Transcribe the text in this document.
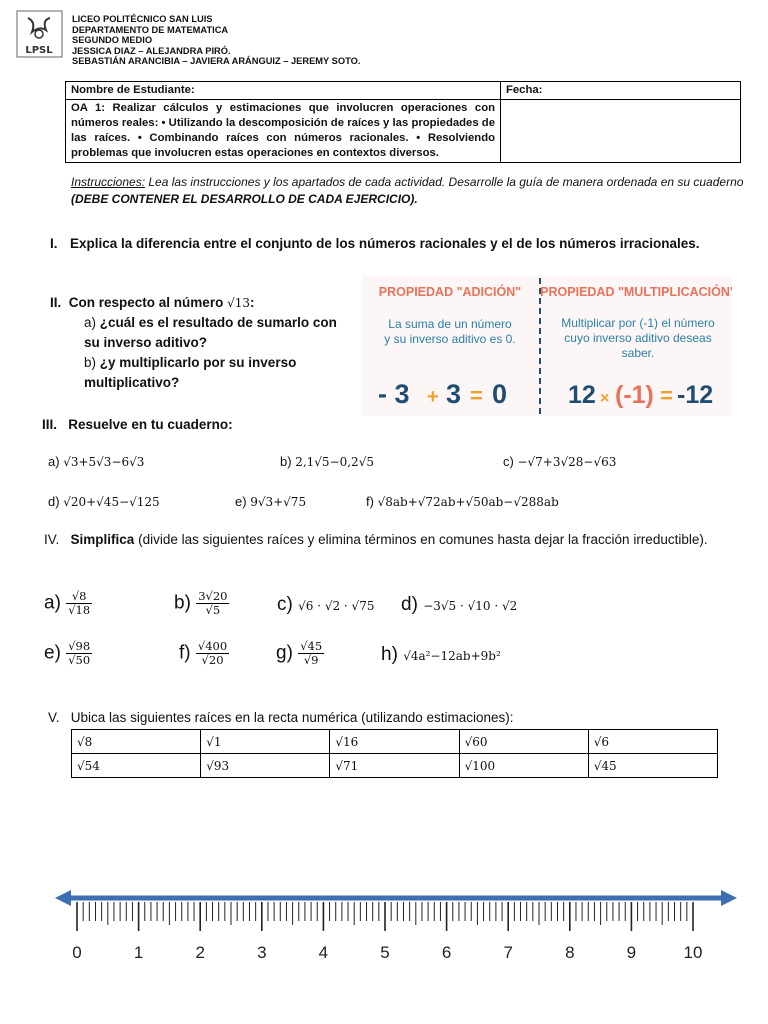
LPSL
LICEO POLITÉCNICO SAN LUIS
DEPARTAMENTO DE MATEMATICA
SEGUNDO MEDIO
JESSICA DIAZ – ALEJANDRA PIRÓ.
SEBASTIÁN ARANCIBIA – JAVIERA ARÁNGUIZ – JEREMY SOTO.
Nombre de Estudiante:	Fecha:
OA 1: Realizar cálculos y estimaciones que involucren operaciones con números reales: • Utilizando la descomposición de raíces y las propiedades de las raíces. • Combinando raíces con números racionales. • Resolviendo problemas que involucren estas operaciones en contextos diversos.	
Instrucciones: Lea las instrucciones y los apartados de cada actividad. Desarrolle la guía de manera ordenada en su cuaderno (DEBE CONTENER EL DESARROLLO DE CADA EJERCICIO).
I. Explica la diferencia entre el conjunto de los números racionales y el de los números irracionales.
II. Con respecto al número √13:
a) ¿cuál es el resultado de sumarlo con su inverso aditivo?
b) ¿y multiplicarlo por su inverso multiplicativo?
PROPIEDAD "ADICIÓN"
La suma de un número
y su inverso aditivo es 0.
- 3 + 3 = 0
PROPIEDAD "MULTIPLICACIÓN"
Multiplicar por (-1) el número
cuyo inverso aditivo deseas
saber.
12 × (-1) = -12
III. Resuelve en tu cuaderno:
a) √3+5√3−6√3	b) 2,1√5−0,2√5	c) −√7+3√28−√63
d) √20+√45−√125	e) 9√3+√75	f) √8ab+√72ab+√50ab−√288ab
IV. Simplifica (divide las siguientes raíces y elimina términos en comunes hasta dejar la fracción irreductible).
$a) \frac{√8}{√18}$	$b) \frac{3√20}{√5}$	c) √6 · √2 · √75 d) −3√5 · √10 · √2
$e) \frac{√98}{√50}$	$f) \frac{√400}{√20} g) \frac{√45}{√9}$	h) √4a²−12ab+9b²
V. Ubica las siguientes raíces en la recta numérica (utilizando estimaciones):
√8	√1	√16	√60	√6
√54	√93	√71	√100	√45
0	1	2	3	4	5	6	7	8	9	10
